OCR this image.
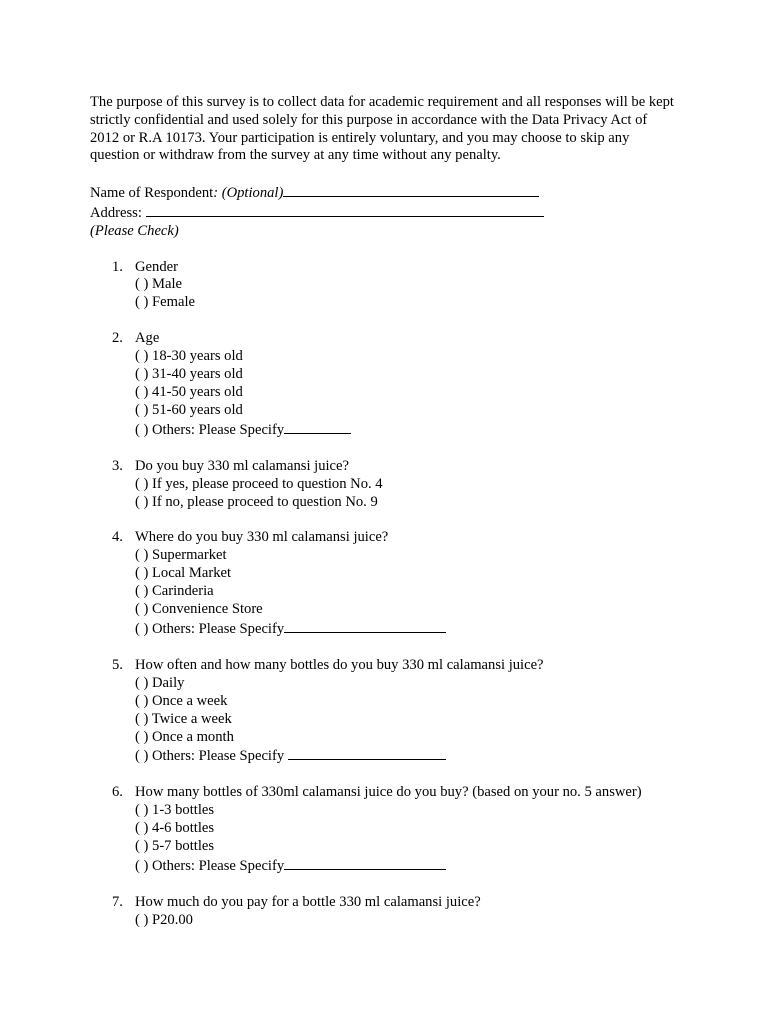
The purpose of this survey is to collect data for academic requirement and all responses will be kept strictly confidential and used solely for this purpose in accordance with the Data Privacy Act of 2012 or R.A 10173. Your participation is entirely voluntary, and you may choose to skip any question or withdraw from the survey at any time without any penalty.

Name of Respondent: (Optional)
Address:
(Please Check)
1. Gender
( ) Male
( ) Female
2. Age
( ) 18-30 years old
( ) 31-40 years old
( ) 41-50 years old
( ) 51-60 years old
( ) Others: Please Specify
3. Do you buy 330 ml calamansi juice?
( ) If yes, please proceed to question No. 4
( ) If no, please proceed to question No. 9
4. Where do you buy 330 ml calamansi juice?
( ) Supermarket
( ) Local Market
( ) Carinderia
( ) Convenience Store
( ) Others: Please Specify
5. How often and how many bottles do you buy 330 ml calamansi juice?
( ) Daily
( ) Once a week
( ) Twice a week
( ) Once a month
( ) Others: Please Specify
6. How many bottles of 330ml calamansi juice do you buy? (based on your no. 5 answer)
( ) 1-3 bottles
( ) 4-6 bottles
( ) 5-7 bottles
( ) Others: Please Specify
7. How much do you pay for a bottle 330 ml calamansi juice?
( ) P20.00
